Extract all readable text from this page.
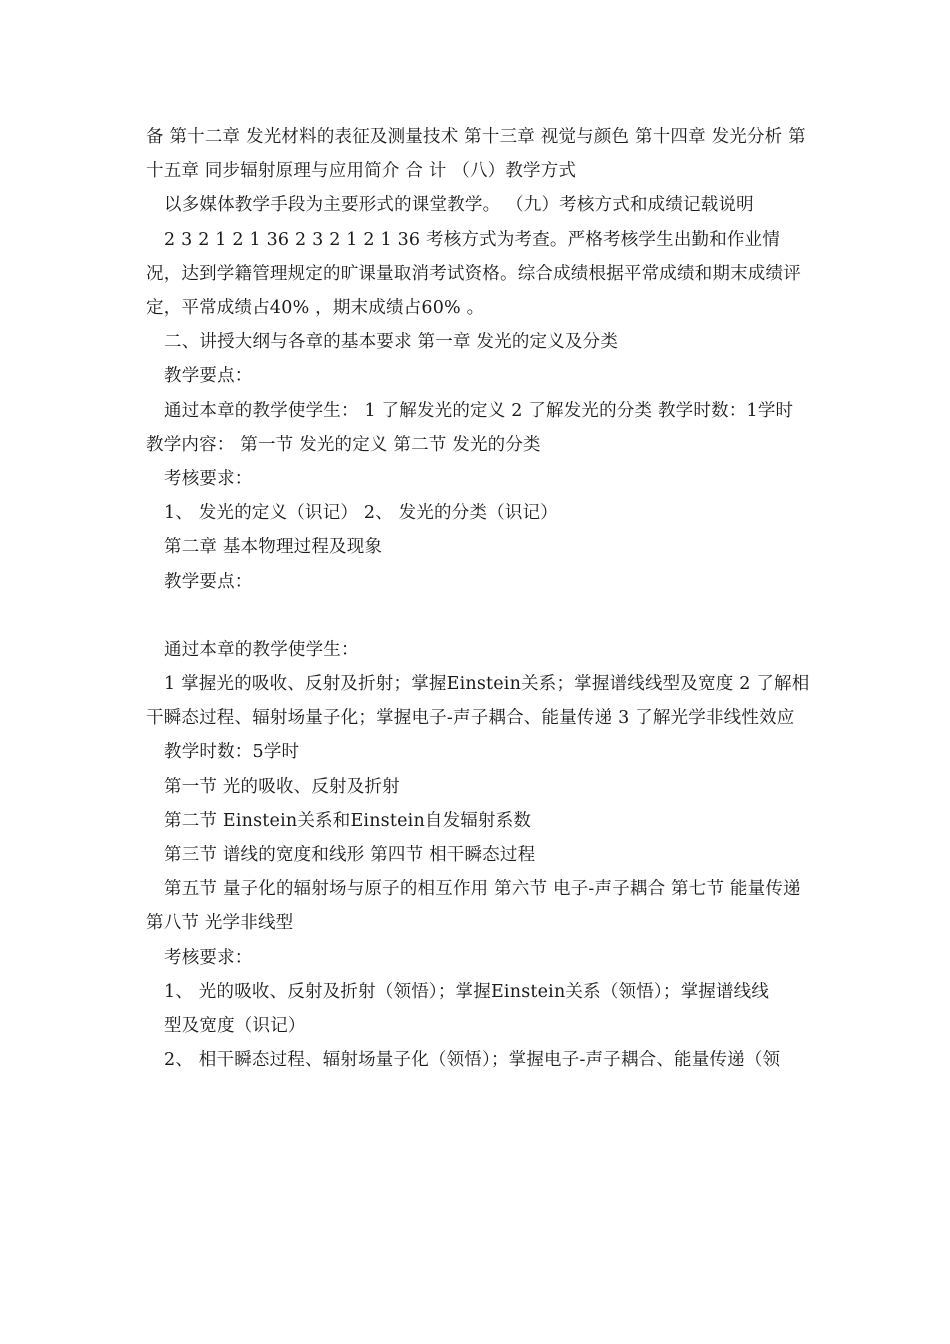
备 第十二章 发光材料的表征及测量技术 第十三章 视觉与颜色 第十四章 发光分析 第十五章 同步辐射原理与应用简介 合 计 （八）教学方式

以多媒体教学手段为主要形式的课堂教学。 （九）考核方式和成绩记载说明

2 3 2 1 2 1 36 2 3 2 1 2 1 36 考核方式为考查。严格考核学生出勤和作业情况，达到学籍管理规定的旷课量取消考试资格。综合成绩根据平常成绩和期末成绩评定，平常成绩占40% ，期末成绩占60% 。

二、讲授大纲与各章的基本要求 第一章 发光的定义及分类

教学要点：

通过本章的教学使学生： 1 了解发光的定义 2 了解发光的分类 教学时数：1学时 教学内容： 第一节 发光的定义 第二节 发光的分类

考核要求：

1、 发光的定义（识记） 2、 发光的分类（识记）

第二章 基本物理过程及现象

教学要点：

通过本章的教学使学生：

1 掌握光的吸收、反射及折射；掌握Einstein关系；掌握谱线线型及宽度 2 了解相干瞬态过程、辐射场量子化；掌握电子-声子耦合、能量传递 3 了解光学非线性效应

教学时数：5学时

第一节 光的吸收、反射及折射

第二节 Einstein关系和Einstein自发辐射系数

第三节 谱线的宽度和线形 第四节 相干瞬态过程

第五节 量子化的辐射场与原子的相互作用 第六节 电子-声子耦合 第七节 能量传递 第八节 光学非线型

考核要求：

1、 光的吸收、反射及折射（领悟）；掌握Einstein关系（领悟）；掌握谱线线

型及宽度（识记）

2、 相干瞬态过程、辐射场量子化（领悟）；掌握电子-声子耦合、能量传递（领
